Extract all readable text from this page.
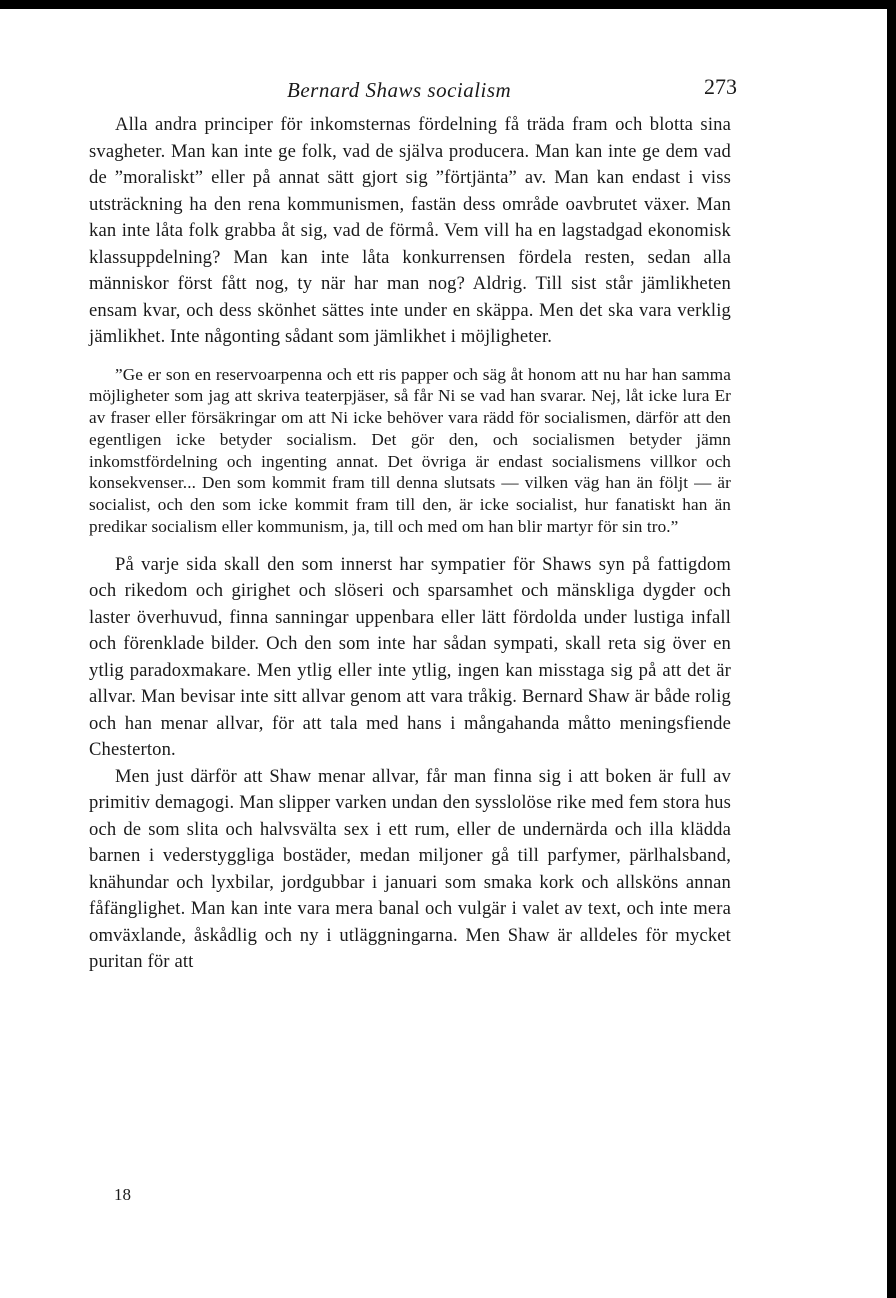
Bernard Shaws socialism	273

Alla andra principer för inkomsternas fördelning få träda fram och blotta sina svagheter. Man kan inte ge folk, vad de själva producera. Man kan inte ge dem vad de ”moraliskt” eller på annat sätt gjort sig ”förtjänta” av. Man kan endast i viss utsträckning ha den rena kommunismen, fastän dess område oavbrutet växer. Man kan inte låta folk grabba åt sig, vad de förmå. Vem vill ha en lagstadgad ekonomisk klassuppdelning? Man kan inte låta konkurrensen fördela resten, sedan alla människor först fått nog, ty när har man nog? Aldrig. Till sist står jämlikheten ensam kvar, och dess skönhet sättes inte under en skäppa. Men det ska vara verklig jämlikhet. Inte någonting sådant som jämlikhet i möjligheter.

”Ge er son en reservoarpenna och ett ris papper och säg åt honom att nu har han samma möjligheter som jag att skriva teaterpjäser, så får Ni se vad han svarar. Nej, låt icke lura Er av fraser eller försäkringar om att Ni icke behöver vara rädd för socialismen, därför att den egentligen icke betyder socialism. Det gör den, och socialismen betyder jämn inkomstfördelning och ingenting annat. Det övriga är endast socialismens villkor och konsekvenser... Den som kommit fram till denna slutsats — vilken väg han än följt — är socialist, och den som icke kommit fram till den, är icke socialist, hur fanatiskt han än predikar socialism eller kommunism, ja, till och med om han blir martyr för sin tro.”

På varje sida skall den som innerst har sympatier för Shaws syn på fattigdom och rikedom och girighet och slöseri och sparsamhet och mänskliga dygder och laster överhuvud, finna sanningar uppenbara eller lätt fördolda under lustiga infall och förenklade bilder. Och den som inte har sådan sympati, skall reta sig över en ytlig paradoxmakare. Men ytlig eller inte ytlig, ingen kan misstaga sig på att det är allvar. Man bevisar inte sitt allvar genom att vara tråkig. Bernard Shaw är både rolig och han menar allvar, för att tala med hans i mångahanda måtto meningsfiende Chesterton.

Men just därför att Shaw menar allvar, får man finna sig i att boken är full av primitiv demagogi. Man slipper varken undan den sysslolöse rike med fem stora hus och de som slita och halvsvälta sex i ett rum, eller de undernärda och illa klädda barnen i vederstyggliga bostäder, medan miljoner gå till parfymer, pärlhalsband, knähundar och lyxbilar, jordgubbar i januari som smaka kork och allsköns annan fåfänglighet. Man kan inte vara mera banal och vulgär i valet av text, och inte mera omväxlande, åskådlig och ny i utläggningarna. Men Shaw är alldeles för mycket puritan för att

18
